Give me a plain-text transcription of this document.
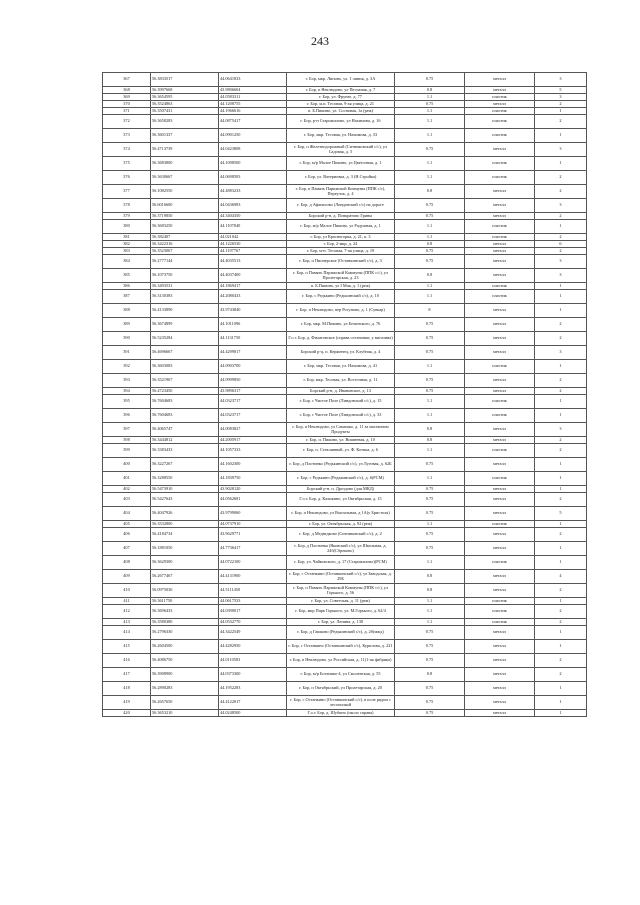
243
367	56.3833517	44.0641833	г. Бор, мкр. Липово, ул. 1 линия, д. 3А	0.75	металл	3
368	56.3997668	43.9806604	г. Бор, п Неклюдово, ул Песчаная, д. 7	0.8	металл	5
369	56.3654595	44.0583311	г. Бор, ул. Фрунзе, д. 77	1.1	пластик	3
370	56.3524863	44.1208755	г. Бор, м.п. Тесовая, 9-ая улица, д. 21	0.75	металл	2
371	56.3507431	44.1966616	п. Б.Пикино, ул. Сосновая, 1а (реж)	1.1	пластик	1
372	56.3658283	44.0875417	г. Бор, р-н Старожилово, ул Нахимова, д. 16	1.1	пластик	2
373	56.3601337	44.0901250	г. Бор, мкр. Тесовая, ул. Нахимова, д. 33	1.1	пластик	1
374	56.4713739	44.0423808	г. Бор, п Железнодорожный (Ситниковский с/с), ул Садовая, д. 5	0.75	металл	3
375	56.3683800	44.1098500	г. Бор, м/р Малое Пикино, ул Цветочная, д. 1	1.1	пластик	1
376	56.3630667	44.0698583	г. Бор, ул. Ватериовка, д. 3 (Н.Стройка)	1.1	пластик	2
377	56.1082550	44.4883233	г. Бор, п Память Парижской Коммуны (ППК с/с), Переулок, д. 4	0.8	металл	2
378	56.6016600	44.0436983	г. Бор, д Афанасово (Линдовский с/с) на дороге	0.75	металл	3
379	56.3719850	44.3404350	Борский р-н, д. Понкратово Грины	0.75	металл	2
380	56.3683250	44.1107840	г. Бор, м/р Малое Пикино, ул Радужная, д. 1	1.1	пластик	1
381	56.382407	44.021042	г. Бор, ул Красногорка, д. 21, к. 3	1.1	пластик	2
382	56.3422316	44.1226530	г. Бор, 2-мкр, д. 24	0.8	металл	6
383	56.3523067	44.1197767	г. Бор, м-н. Тесовая, 7-ая улица, д. 19	0.75	металл	2
384	56.2777144	44.4035513	г. Бор, п Пионерское (Останкинский с/с), д. 3	0.75	металл	3
385	56.1073750	44.4037400	г. Бор, п Память Парижской Коммуны (ППК с/с), ул Пролетарская, д. 23	0.8	металл	3
386	56.3493531	44.1869417	п. Б.Пикино, ул I Мая, д. 1 (реж)	1.1	пластик	1
387	56.3130383	44.2080433	г. Бор, с Редькино (Редькинский с/с), д. 10	1.1	пластик	1
388	56.4133890	43.9743840	г. Бор, п Неклюдово, пер Рогуново, д. 1 (Сувкар)	8	металл	1
389	56.3674899	44.1011096	г. Бор, мкр. М.Пикино, ул Белинского, д. 76	0.75	металл	2
390	56.5235284	44.1131750	Г.о г. Бор, д. Филатовское (справа остановки, у магазина)	0.75	металл	2
391	56.4696667	44.4299817	Борский р-ц, п. Керженец, ул. Клубная, д. 4	0.75	металл	3
392	56.3603083	44.0903700	г. Бор, мкр. Тесовая, ул. Нахимова, д. 41	1.1	пластик	1
393	56.3521967	44.0999850	г. Бор, мкр. Тесовая, ул. Восточная, д. 11	0.75	металл	2
394	56.4723450	43.9896317	Борский р-н, д. Ивановское, д. 13	0.75	металл	2
395	56.7604683	44.0323717	г. Бор, с Чистое Поле (Линдовский с/с), д. 15	1.1	пластик	1
396	56.7604683	44.0323717	г. Бор, с Чистое Поле (Линдовский с/с), д. 33	1.1	пластик	1
397	56.4065747	44.0083827	г. Бор, п Неклюдово, ул Самашко, д. 11 за магазином Продукты	0.8	металл	3
398	56.3444812	44.2005917	г. Бор, п. Пикино, ул. Вишневая, д. 10	0.8	металл	2
399	56.3383433	44.1057333	г. Бор, п. Стеклянный, ул. Ф. Котика, д. 6	1.1	пластик	2
400	56.3227267	44.1602300	г. Бор, д Плотинко (Редькинский с/с), ул Луговая, д. 62Б	0.75	металл	1
401	56.3288550	44.1839750	г. Бор, с Редькино (Редькинский с/с), д. 6(РСМ)	1.1	пластик	1
402	56.5473910	43.9028120	Борский р-н, п. Дроздово (для МКД)	0.75	металл	1
403	56.5427643	44.0562681	Г.о.г. Бор, д. Каликино, ул Октябрьская, д. 15	0.75	металл	2
404	56.4047926	43.9799060	г. Бор, п Неклюдово, ул Вокзальная, д 1А(у Бристоля)	0.75	металл	5
405	56.3532800	44.0737910	г. Бор, ул. Октябрьская, д. 92 (реж)	1.1	пластик	1
406	56.4184734	43.9629771	г. Бор, д Медведково (Ситниковский с/с), д. 2	0.75	металл	2
407	56.1881050	44.7736417	г. Бор, д Плотинка (Яковский с/с), ул Школьная, д. 24б(Сбреково)	0.75	металл	1
408	56.3629300	44.0722100	г. Бор, ул. Чайковского, д. 17 (Старожилово)(РСМ)	1.1	пластик	1
409	56.2677467	44.4131900	г. Бор, с Останкино (Останкинский с/с), ул Заводская, д. 29Б	0.8	металл	4
410	56.0975030	44.5111450	г. Бор, п Память Парижской Коммуны (ППК с/с), ул Горького, д. 56	0.8	металл	2
411	56.3611750	44.0617533	г. Бор, ул. Советская, д. 11 (реж)	1.1	пластик	1
412	56.3696433	44.0390017	г. Бор, мкр Парк Горького, ул. М.Горького, д. 62/4	1.1	пластик	2
413	56.3580380	44.0532770	г. Бор, ул. Ленина, д. 138	1.1	пластик	2
414	56.2796330	44.3422549	г. Бор, д Гашково (Редькинский с/с), д. 2б(мжд)	0.75	металл	1
415	56.2604500	44.4282950	г. Бор, с Останкино (Останкинский с/с), Курилова, д. 221	0.75	металл	1
416	56.4086750	44.0110583	г. Бор, п Неклюдово, ул Российская, д. 11(1-ая фабрика)	0.75	металл	2
417	56.3908900	44.0373300	г. Бор, м/р Ботанико-4, ул Смоленская, д. 55	0.8	металл	2
418	56.2890283	44.1952283	г. Бор, п Октябрьский, ул Пролетарская, д. 20	0.75	металл	1
419	56.2657650	44.4122017	г. Бор, с Останкино (Останкинский с/с), в поле рядом с лесопилкой	0.75	металл	1
420	56.3653210	44.0248500	Г.о.г. Бор, д. Шубино (около справа)	0.75	металл	1
